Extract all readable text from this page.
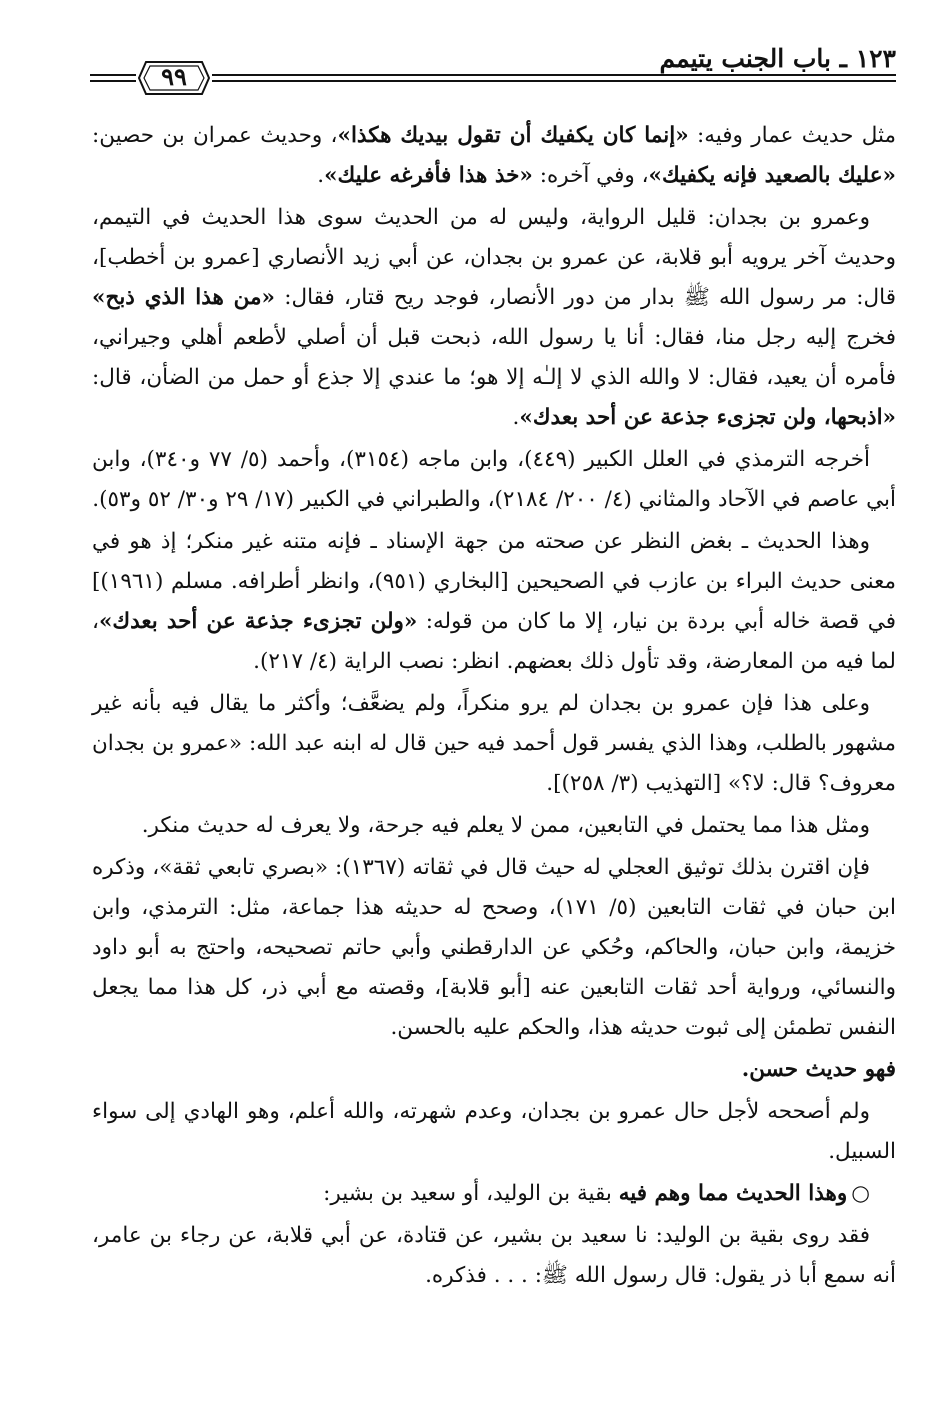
١٢٣ ـ باب الجنب يتيمم
٩٩

مثل حديث عمار وفيه: «إنما كان يكفيك أن تقول بيديك هكذا»، وحديث عمران بن حصين: «عليك بالصعيد فإنه يكفيك»، وفي آخره: «خذ هذا فأفرغه عليك».

وعمرو بن بجدان: قليل الرواية، وليس له من الحديث سوى هذا الحديث في التيمم، وحديث آخر يرويه أبو قلابة، عن عمرو بن بجدان، عن أبي زيد الأنصاري [عمرو بن أخطب]، قال: مر رسول الله ﷺ بدار من دور الأنصار، فوجد ريح قتار، فقال: «من هذا الذي ذبح» فخرج إليه رجل منا، فقال: أنا يا رسول الله، ذبحت قبل أن أصلي لأطعم أهلي وجيراني، فأمره أن يعيد، فقال: لا والله الذي لا إلـٰه إلا هو؛ ما عندي إلا جذع أو حمل من الضأن، قال: «اذبحها، ولن تجزىء جذعة عن أحد بعدك».

أخرجه الترمذي في العلل الكبير (٤٤٩)، وابن ماجه (٣١٥٤)، وأحمد (٥/ ٧٧ و٣٤٠)، وابن أبي عاصم في الآحاد والمثاني (٤/ ٢٠٠/ ٢١٨٤)، والطبراني في الكبير (١٧/ ٢٩ و٣٠/ ٥٢ و٥٣).

وهذا الحديث ـ بغض النظر عن صحته من جهة الإسناد ـ فإنه متنه غير منكر؛ إذ هو في معنى حديث البراء بن عازب في الصحيحين [البخاري (٩٥١)، وانظر أطرافه. مسلم (١٩٦١)] في قصة خاله أبي بردة بن نيار، إلا ما كان من قوله: «ولن تجزىء جذعة عن أحد بعدك»، لما فيه من المعارضة، وقد تأول ذلك بعضهم. انظر: نصب الراية (٤/ ٢١٧).

وعلى هذا فإن عمرو بن بجدان لم يرو منكراً، ولم يضعَّف؛ وأكثر ما يقال فيه بأنه غير مشهور بالطلب، وهذا الذي يفسر قول أحمد فيه حين قال له ابنه عبد الله: «عمرو بن بجدان معروف؟ قال: لا؟» [التهذيب (٣/ ٢٥٨)].

ومثل هذا مما يحتمل في التابعين، ممن لا يعلم فيه جرحة، ولا يعرف له حديث منكر.

فإن اقترن بذلك توثيق العجلي له حيث قال في ثقاته (١٣٦٧): «بصري تابعي ثقة»، وذكره ابن حبان في ثقات التابعين (٥/ ١٧١)، وصحح له حديثه هذا جماعة، مثل: الترمذي، وابن خزيمة، وابن حبان، والحاكم، وحُكي عن الدارقطني وأبي حاتم تصحيحه، واحتج به أبو داود والنسائي، ورواية أحد ثقات التابعين عنه [أبو قلابة]، وقصته مع أبي ذر، كل هذا مما يجعل النفس تطمئن إلى ثبوت حديثه هذا، والحكم عليه بالحسن.

فهو حديث حسن.

ولم أصححه لأجل حال عمرو بن بجدان، وعدم شهرته، والله أعلم، وهو الهادي إلى سواء السبيل.

○وهذا الحديث مما وهم فيه بقية بن الوليد، أو سعيد بن بشير:

فقد روى بقية بن الوليد: نا سعيد بن بشير، عن قتادة، عن أبي قلابة، عن رجاء بن عامر، أنه سمع أبا ذر يقول: قال رسول الله ﷺ: . . . فذكره.
